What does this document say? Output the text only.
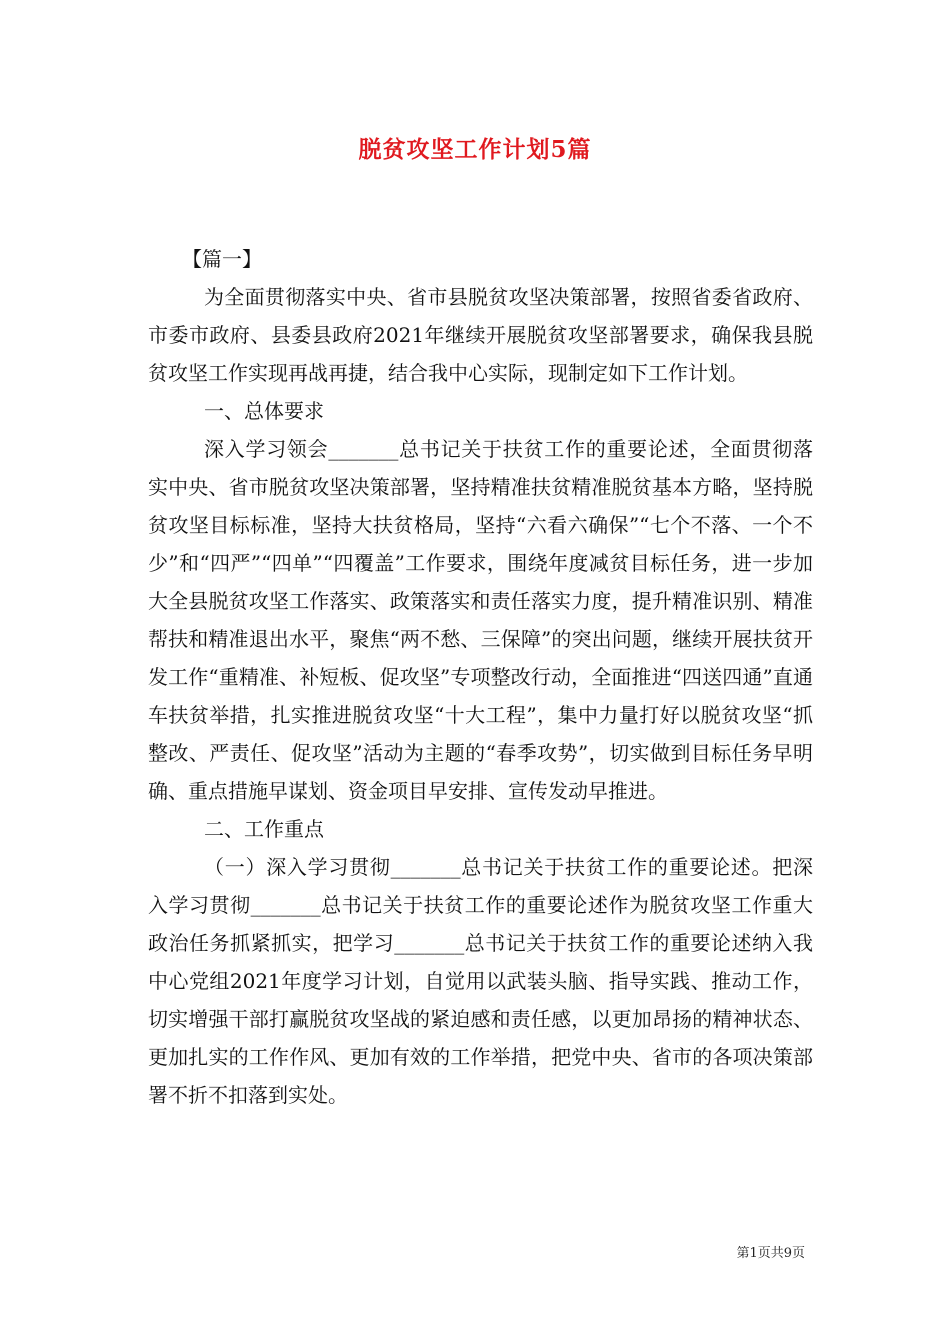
脱贫攻坚工作计划5篇

【篇一】

为全面贯彻落实中央、省市县脱贫攻坚决策部署，按照省委省政府、市委市政府、县委县政府2021年继续开展脱贫攻坚部署要求，确保我县脱贫攻坚工作实现再战再捷，结合我中心实际，现制定如下工作计划。

一、总体要求

深入学习领会_______总书记关于扶贫工作的重要论述，全面贯彻落实中央、省市脱贫攻坚决策部署，坚持精准扶贫精准脱贫基本方略，坚持脱贫攻坚目标标准，坚持大扶贫格局，坚持“六看六确保”“七个不落、一个不少”和“四严”“四单”“四覆盖”工作要求，围绕年度减贫目标任务，进一步加大全县脱贫攻坚工作落实、政策落实和责任落实力度，提升精准识别、精准帮扶和精准退出水平，聚焦“两不愁、三保障”的突出问题，继续开展扶贫开发工作“重精准、补短板、促攻坚”专项整改行动，全面推进“四送四通”直通车扶贫举措，扎实推进脱贫攻坚“十大工程”，集中力量打好以脱贫攻坚“抓整改、严责任、促攻坚”活动为主题的“春季攻势”，切实做到目标任务早明确、重点措施早谋划、资金项目早安排、宣传发动早推进。

二、工作重点

（一）深入学习贯彻_______总书记关于扶贫工作的重要论述。把深入学习贯彻_______总书记关于扶贫工作的重要论述作为脱贫攻坚工作重大政治任务抓紧抓实，把学习_______总书记关于扶贫工作的重要论述纳入我中心党组2021年度学习计划，自觉用以武装头脑、指导实践、推动工作，切实增强干部打赢脱贫攻坚战的紧迫感和责任感，以更加昂扬的精神状态、更加扎实的工作作风、更加有效的工作举措，把党中央、省市的各项决策部署不折不扣落到实处。

第1页共9页
